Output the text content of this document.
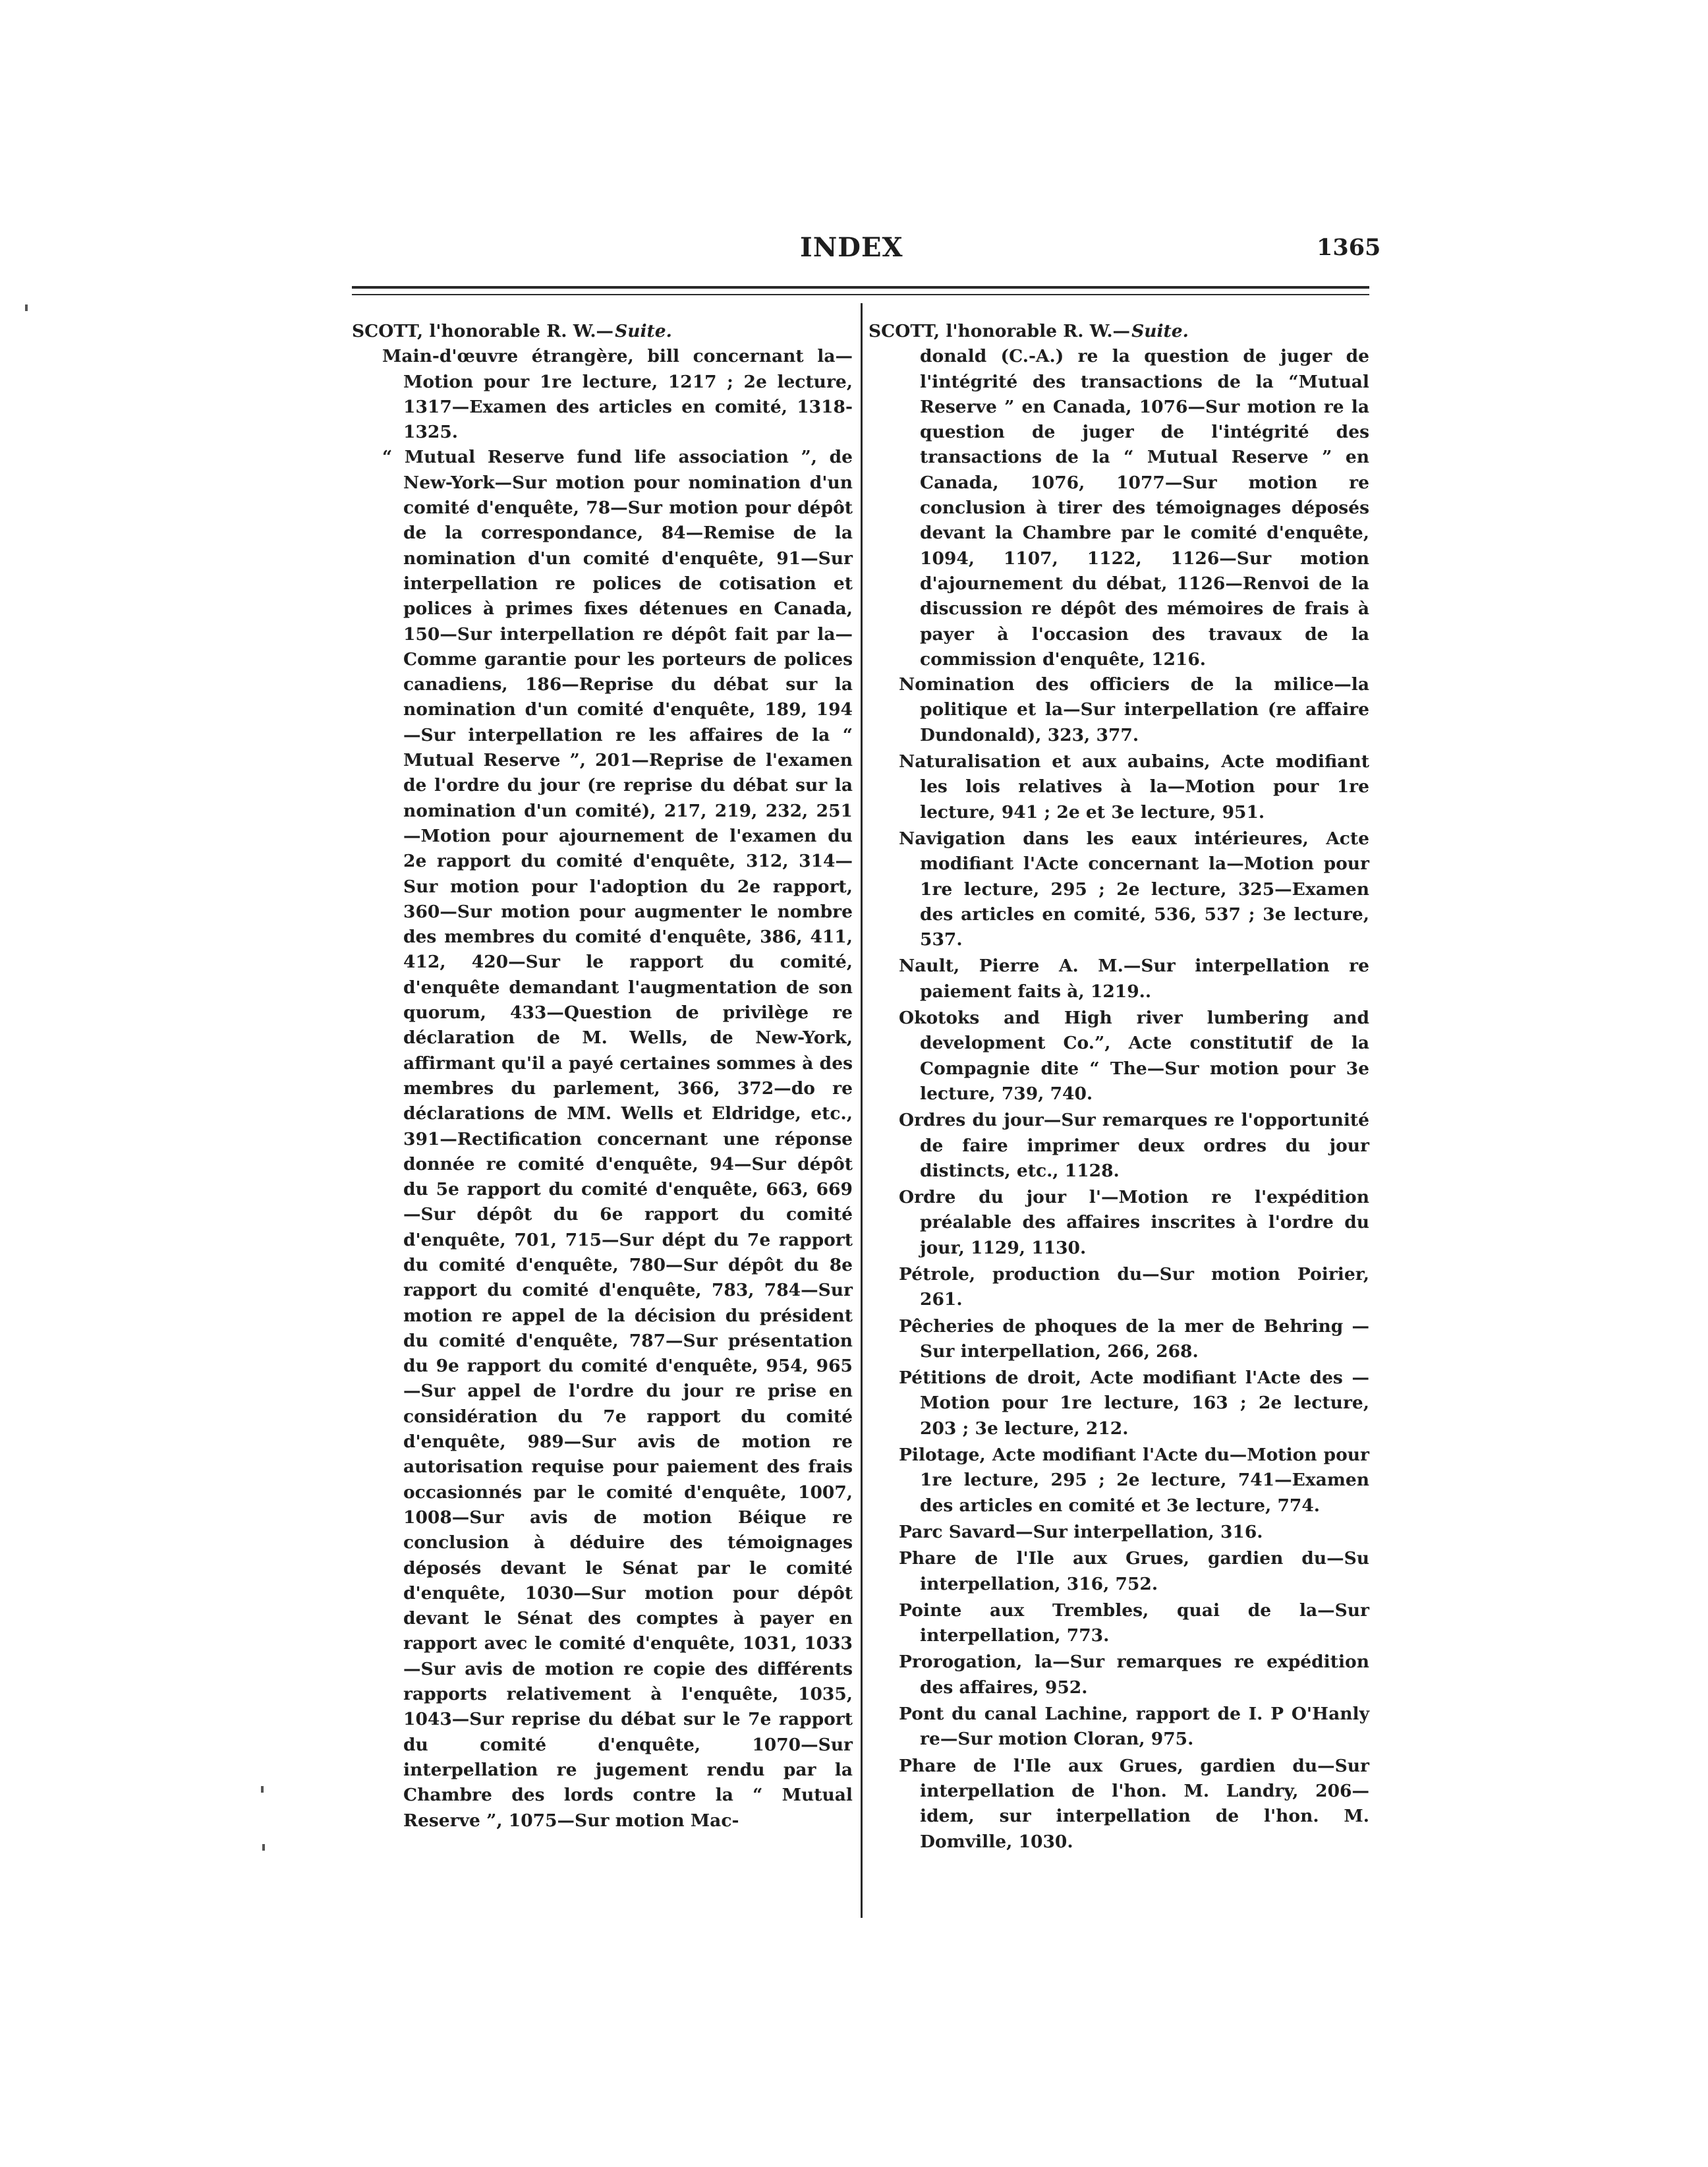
INDEX	1365
SCOTT, l'honorable R. W.—Suite.

Main-d'œuvre étrangère, bill concernant la—Motion pour 1re lecture, 1217 ; 2e lecture, 1317—Examen des articles en comité, 1318-1325.

“ Mutual Reserve fund life association ”, de New-York—Sur motion pour nomination d'un comité d'enquête, 78—Sur motion pour dépôt de la correspondance, 84—Remise de la nomination d'un comité d'enquête, 91—Sur interpellation re polices de cotisation et polices à primes fixes détenues en Canada, 150—Sur interpellation re dépôt fait par la—Comme garantie pour les porteurs de polices canadiens, 186—Reprise du débat sur la nomination d'un comité d'enquête, 189, 194—Sur interpellation re les affaires de la “ Mutual Reserve ”, 201—Reprise de l'examen de l'ordre du jour (re reprise du débat sur la nomination d'un comité), 217, 219, 232, 251—Motion pour ajournement de l'examen du 2e rapport du comité d'enquête, 312, 314—Sur motion pour l'adoption du 2e rapport, 360—Sur motion pour augmenter le nombre des membres du comité d'enquête, 386, 411, 412, 420—Sur le rapport du comité, d'enquête demandant l'augmentation de son quorum, 433—Question de privilège re déclaration de M. Wells, de New-York, affirmant qu'il a payé certaines sommes à des membres du parlement, 366, 372—do re déclarations de MM. Wells et Eldridge, etc., 391—Rectification concernant une réponse donnée re comité d'enquête, 94—Sur dépôt du 5e rapport du comité d'enquête, 663, 669—Sur dépôt du 6e rapport du comité d'enquête, 701, 715—Sur dépt du 7e rapport du comité d'enquête, 780—Sur dépôt du 8e rapport du comité d'enquête, 783, 784—Sur motion re appel de la décision du président du comité d'enquête, 787—Sur présentation du 9e rapport du comité d'enquête, 954, 965—Sur appel de l'ordre du jour re prise en considération du 7e rapport du comité d'enquête, 989—Sur avis de motion re autorisation requise pour paiement des frais occasionnés par le comité d'enquête, 1007, 1008—Sur avis de motion Béique re conclusion à déduire des témoignages déposés devant le Sénat par le comité d'enquête, 1030—Sur motion pour dépôt devant le Sénat des comptes à payer en rapport avec le comité d'enquête, 1031, 1033—Sur avis de motion re copie des différents rapports relativement à l'enquête, 1035, 1043—Sur reprise du débat sur le 7e rapport du comité d'enquête, 1070—Sur interpellation re jugement rendu par la Chambre des lords contre la “ Mutual Reserve ”, 1075—Sur motion Mac-

SCOTT, l'honorable R. W.—Suite.

donald (C.-A.) re la question de juger de l'intégrité des transactions de la “Mutual Reserve ” en Canada, 1076—Sur motion re la question de juger de l'intégrité des transactions de la “ Mutual Reserve ” en Canada, 1076, 1077—Sur motion re conclusion à tirer des témoignages déposés devant la Chambre par le comité d'enquête, 1094, 1107, 1122, 1126—Sur motion d'ajournement du débat, 1126—Renvoi de la discussion re dépôt des mémoires de frais à payer à l'occasion des travaux de la commission d'enquête, 1216.

Nomination des officiers de la milice—la politique et la—Sur interpellation (re affaire Dundonald), 323, 377.

Naturalisation et aux aubains, Acte modifiant les lois relatives à la—Motion pour 1re lecture, 941 ; 2e et 3e lecture, 951.

Navigation dans les eaux intérieures, Acte modifiant l'Acte concernant la—Motion pour 1re lecture, 295 ; 2e lecture, 325—Examen des articles en comité, 536, 537 ; 3e lecture, 537.

Nault, Pierre A. M.—Sur interpellation re paiement faits à, 1219..

Okotoks and High river lumbering and development Co.”, Acte constitutif de la Compagnie dite “ The—Sur motion pour 3e lecture, 739, 740.

Ordres du jour—Sur remarques re l'opportunité de faire imprimer deux ordres du jour distincts, etc., 1128.

Ordre du jour l'—Motion re l'expédition préalable des affaires inscrites à l'ordre du jour, 1129, 1130.

Pétrole, production du—Sur motion Poirier, 261.

Pêcheries de phoques de la mer de Behring —Sur interpellation, 266, 268.

Pétitions de droit, Acte modifiant l'Acte des —Motion pour 1re lecture, 163 ; 2e lecture, 203 ; 3e lecture, 212.

Pilotage, Acte modifiant l'Acte du—Motion pour 1re lecture, 295 ; 2e lecture, 741—Examen des articles en comité et 3e lecture, 774.

Parc Savard—Sur interpellation, 316.

Phare de l'Ile aux Grues, gardien du—Su interpellation, 316, 752.

Pointe aux Trembles, quai de la—Sur interpellation, 773.

Prorogation, la—Sur remarques re expédition des affaires, 952.

Pont du canal Lachine, rapport de I. P O'Hanly re—Sur motion Cloran, 975.

Phare de l'Ile aux Grues, gardien du—Sur interpellation de l'hon. M. Landry, 206—idem, sur interpellation de l'hon. M. Domville, 1030.
